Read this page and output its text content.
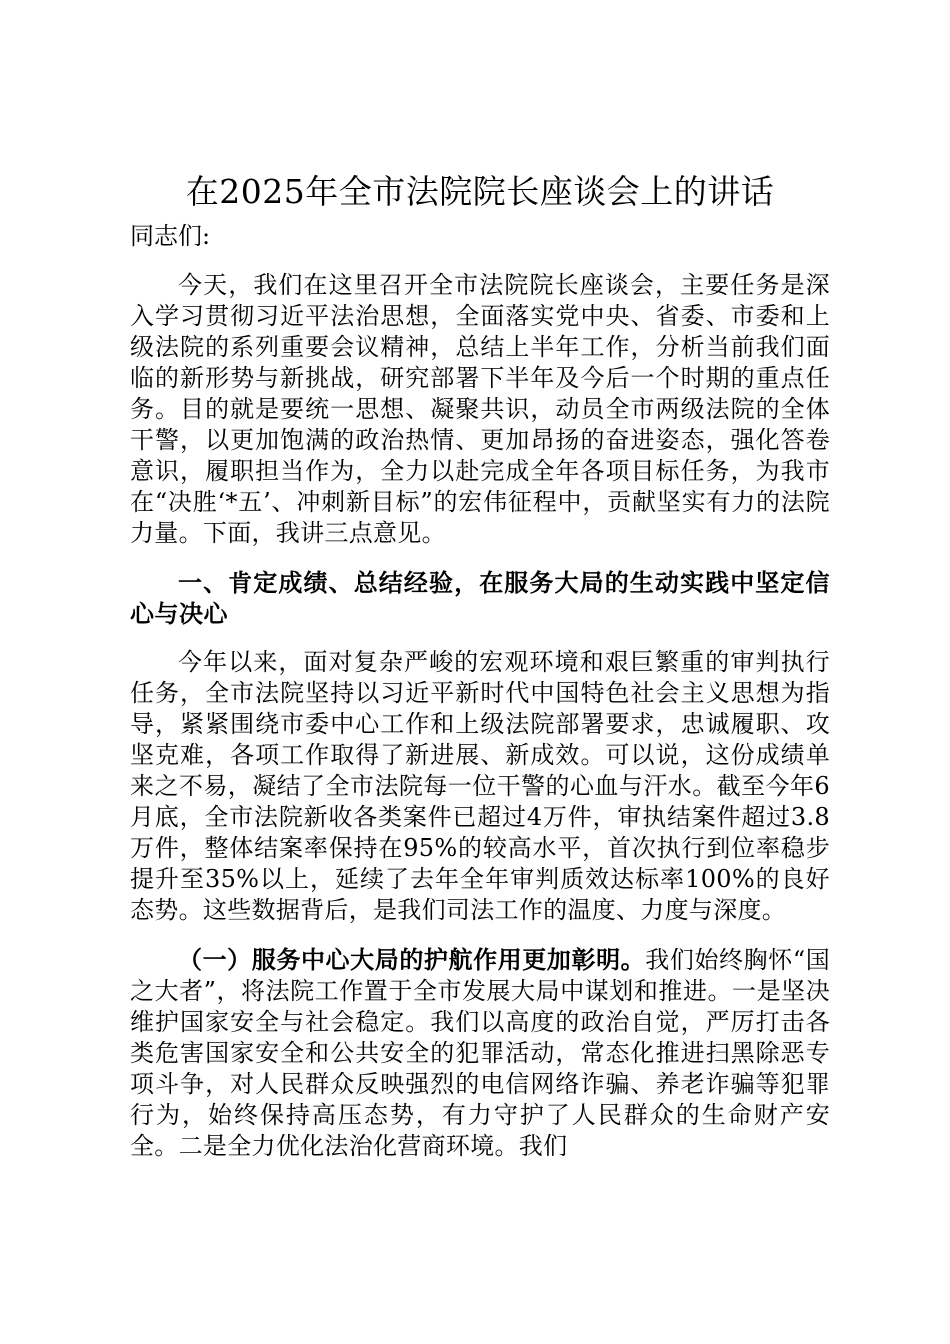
在2025年全市法院院长座谈会上的讲话

同志们:

今天，我们在这里召开全市法院院长座谈会，主要任务是深入学习贯彻习近平法治思想，全面落实党中央、省委、市委和上级法院的系列重要会议精神，总结上半年工作，分析当前我们面临的新形势与新挑战，研究部署下半年及今后一个时期的重点任务。目的就是要统一思想、凝聚共识，动员全市两级法院的全体干警，以更加饱满的政治热情、更加昂扬的奋进姿态，强化答卷意识，履职担当作为，全力以赴完成全年各项目标任务，为我市在“决胜‘*五’、冲刺新目标”的宏伟征程中，贡献坚实有力的法院力量。下面，我讲三点意见。

一、肯定成绩、总结经验，在服务大局的生动实践中坚定信心与决心

今年以来，面对复杂严峻的宏观环境和艰巨繁重的审判执行任务，全市法院坚持以习近平新时代中国特色社会主义思想为指导，紧紧围绕市委中心工作和上级法院部署要求，忠诚履职、攻坚克难，各项工作取得了新进展、新成效。可以说，这份成绩单来之不易，凝结了全市法院每一位干警的心血与汗水。截至今年6月底，全市法院新收各类案件已超过4万件，审执结案件超过3.8万件，整体结案率保持在95%的较高水平，首次执行到位率稳步提升至35%以上，延续了去年全年审判质效达标率100%的良好态势。这些数据背后，是我们司法工作的温度、力度与深度。

（一）服务中心大局的护航作用更加彰明。我们始终胸怀“国之大者”，将法院工作置于全市发展大局中谋划和推进。一是坚决维护国家安全与社会稳定。我们以高度的政治自觉，严厉打击各类危害国家安全和公共安全的犯罪活动，常态化推进扫黑除恶专项斗争，对人民群众反映强烈的电信网络诈骗、养老诈骗等犯罪行为，始终保持高压态势，有力守护了人民群众的生命财产安全。二是全力优化法治化营商环境。我们
